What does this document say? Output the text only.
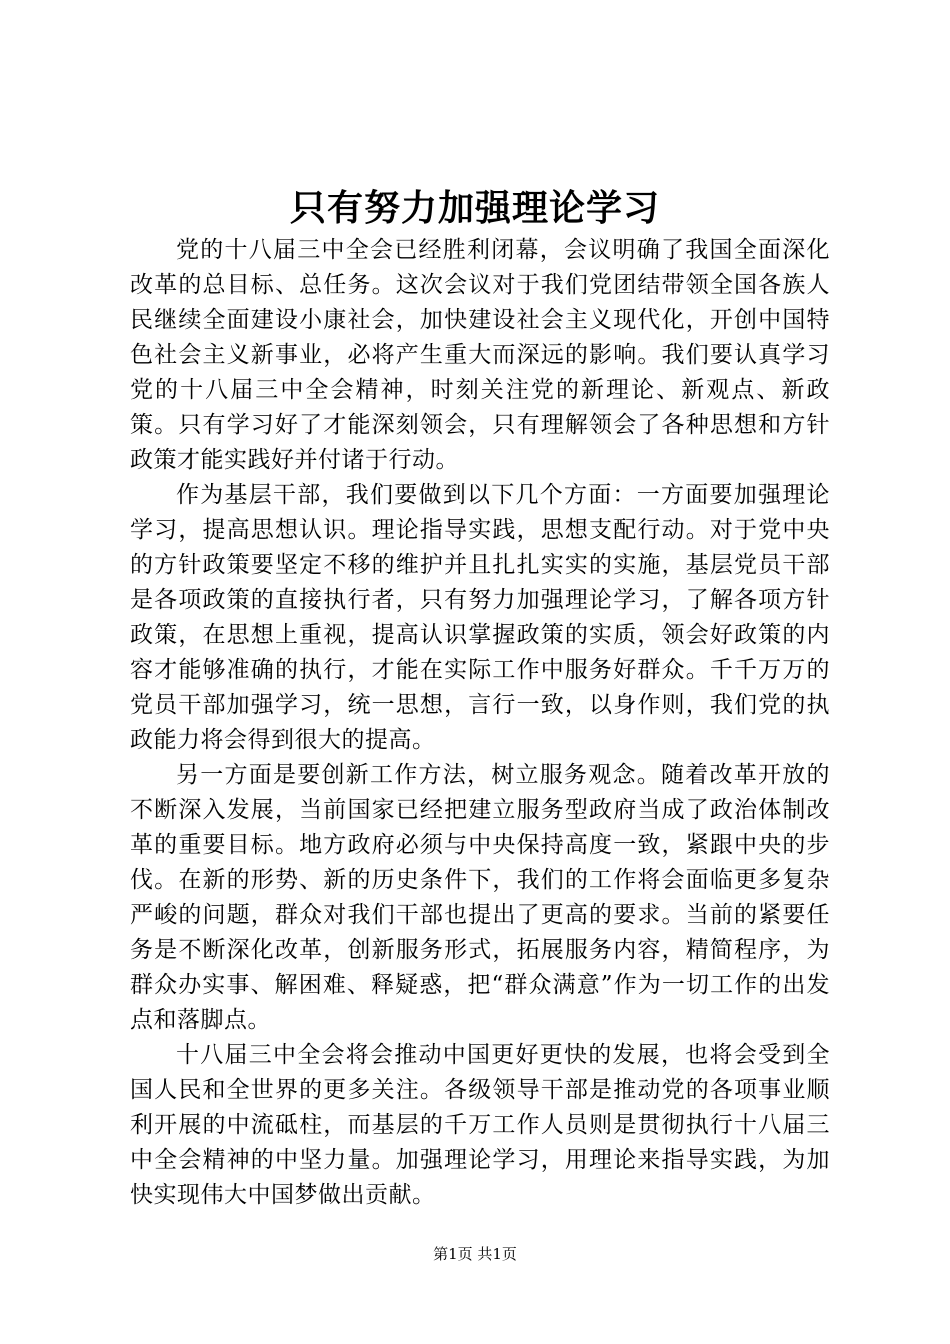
只有努力加强理论学习

党的十八届三中全会已经胜利闭幕，会议明确了我国全面深化改革的总目标、总任务。这次会议对于我们党团结带领全国各族人民继续全面建设小康社会，加快建设社会主义现代化，开创中国特色社会主义新事业，必将产生重大而深远的影响。我们要认真学习党的十八届三中全会精神，时刻关注党的新理论、新观点、新政策。只有学习好了才能深刻领会，只有理解领会了各种思想和方针政策才能实践好并付诸于行动。

作为基层干部，我们要做到以下几个方面：一方面要加强理论学习，提高思想认识。理论指导实践，思想支配行动。对于党中央的方针政策要坚定不移的维护并且扎扎实实的实施，基层党员干部是各项政策的直接执行者，只有努力加强理论学习，了解各项方针政策，在思想上重视，提高认识掌握政策的实质，领会好政策的内容才能够准确的执行，才能在实际工作中服务好群众。千千万万的党员干部加强学习，统一思想，言行一致，以身作则，我们党的执政能力将会得到很大的提高。

另一方面是要创新工作方法，树立服务观念。随着改革开放的不断深入发展，当前国家已经把建立服务型政府当成了政治体制改革的重要目标。地方政府必须与中央保持高度一致，紧跟中央的步伐。在新的形势、新的历史条件下，我们的工作将会面临更多复杂严峻的问题，群众对我们干部也提出了更高的要求。当前的紧要任务是不断深化改革，创新服务形式，拓展服务内容，精简程序，为群众办实事、解困难、释疑惑，把“群众满意”作为一切工作的出发点和落脚点。

十八届三中全会将会推动中国更好更快的发展，也将会受到全国人民和全世界的更多关注。各级领导干部是推动党的各项事业顺利开展的中流砥柱，而基层的千万工作人员则是贯彻执行十八届三中全会精神的中坚力量。加强理论学习，用理论来指导实践，为加快实现伟大中国梦做出贡献。

第1页 共1页
